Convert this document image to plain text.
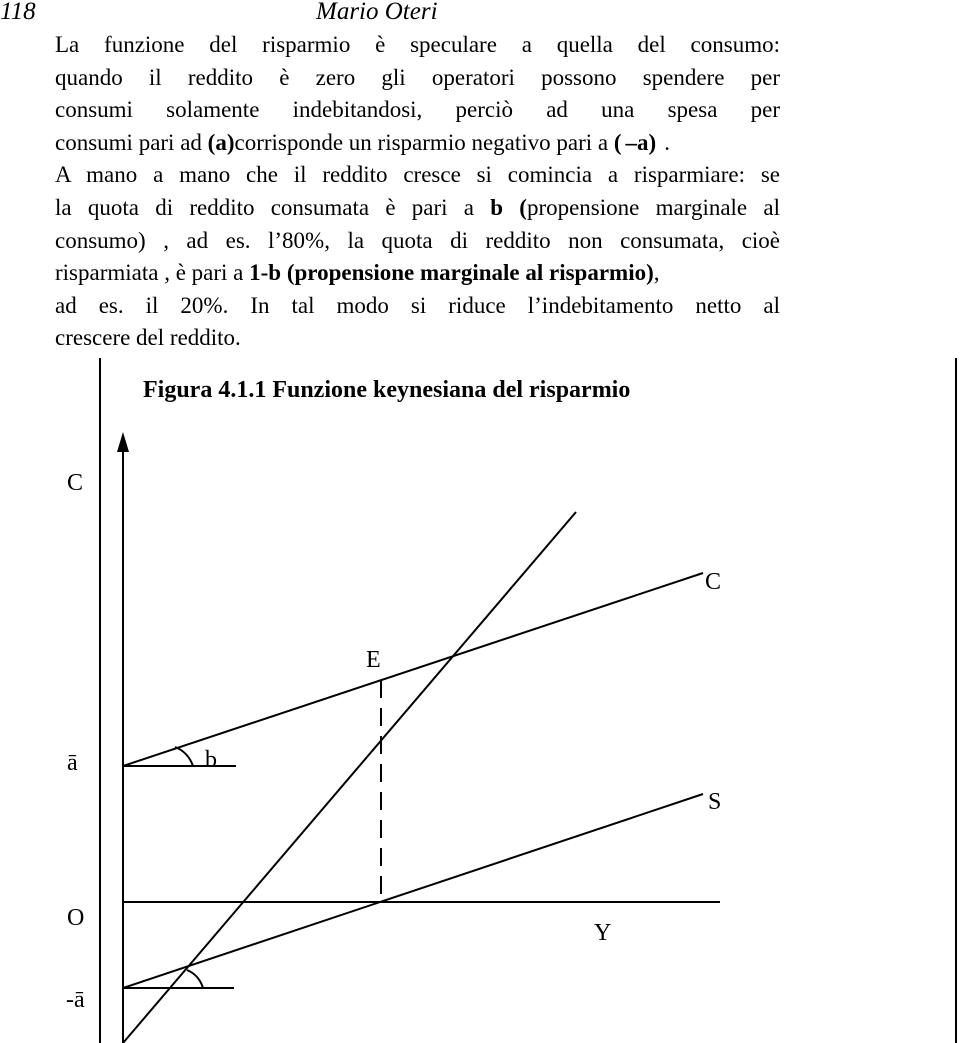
118	Mario Oteri
La funzione del risparmio è speculare a quella del consumo:
quando il reddito è zero gli operatori possono spendere per
consumi solamente indebitandosi, perciò ad una spesa per
consumi pari ad (a)corrisponde un risparmio negativo pari a ( –a) .
A mano a mano che il reddito cresce si comincia a risparmiare: se
la quota di reddito consumata è pari a b (propensione marginale al
consumo) , ad es. l’80%, la quota di reddito non consumata, cioè
risparmiata , è pari a 1-b (propensione marginale al risparmio),
ad es. il 20%. In tal modo si riduce l’indebitamento netto al
crescere del reddito.
Figura 4.1.1 Funzione keynesiana del risparmio
C
ā
O
-ā
C
E
b
S
Y
